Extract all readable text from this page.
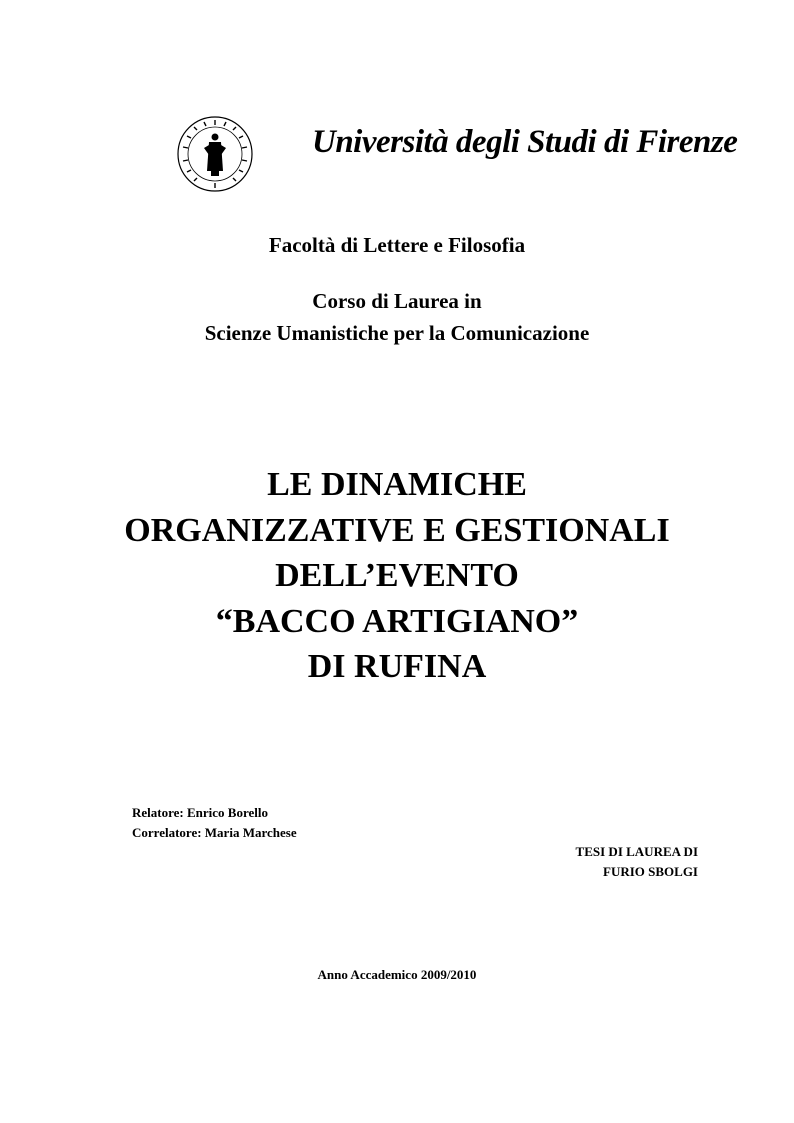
Università degli Studi di Firenze
Facoltà di Lettere e Filosofia
Corso di Laurea in
Scienze Umanistiche per la Comunicazione
LE DINAMICHE
ORGANIZZATIVE E GESTIONALI
DELL’EVENTO
“BACCO ARTIGIANO”
DI RUFINA
Relatore: Enrico Borello
Correlatore: Maria Marchese
TESI DI LAUREA DI
FURIO SBOLGI
Anno Accademico 2009/2010
